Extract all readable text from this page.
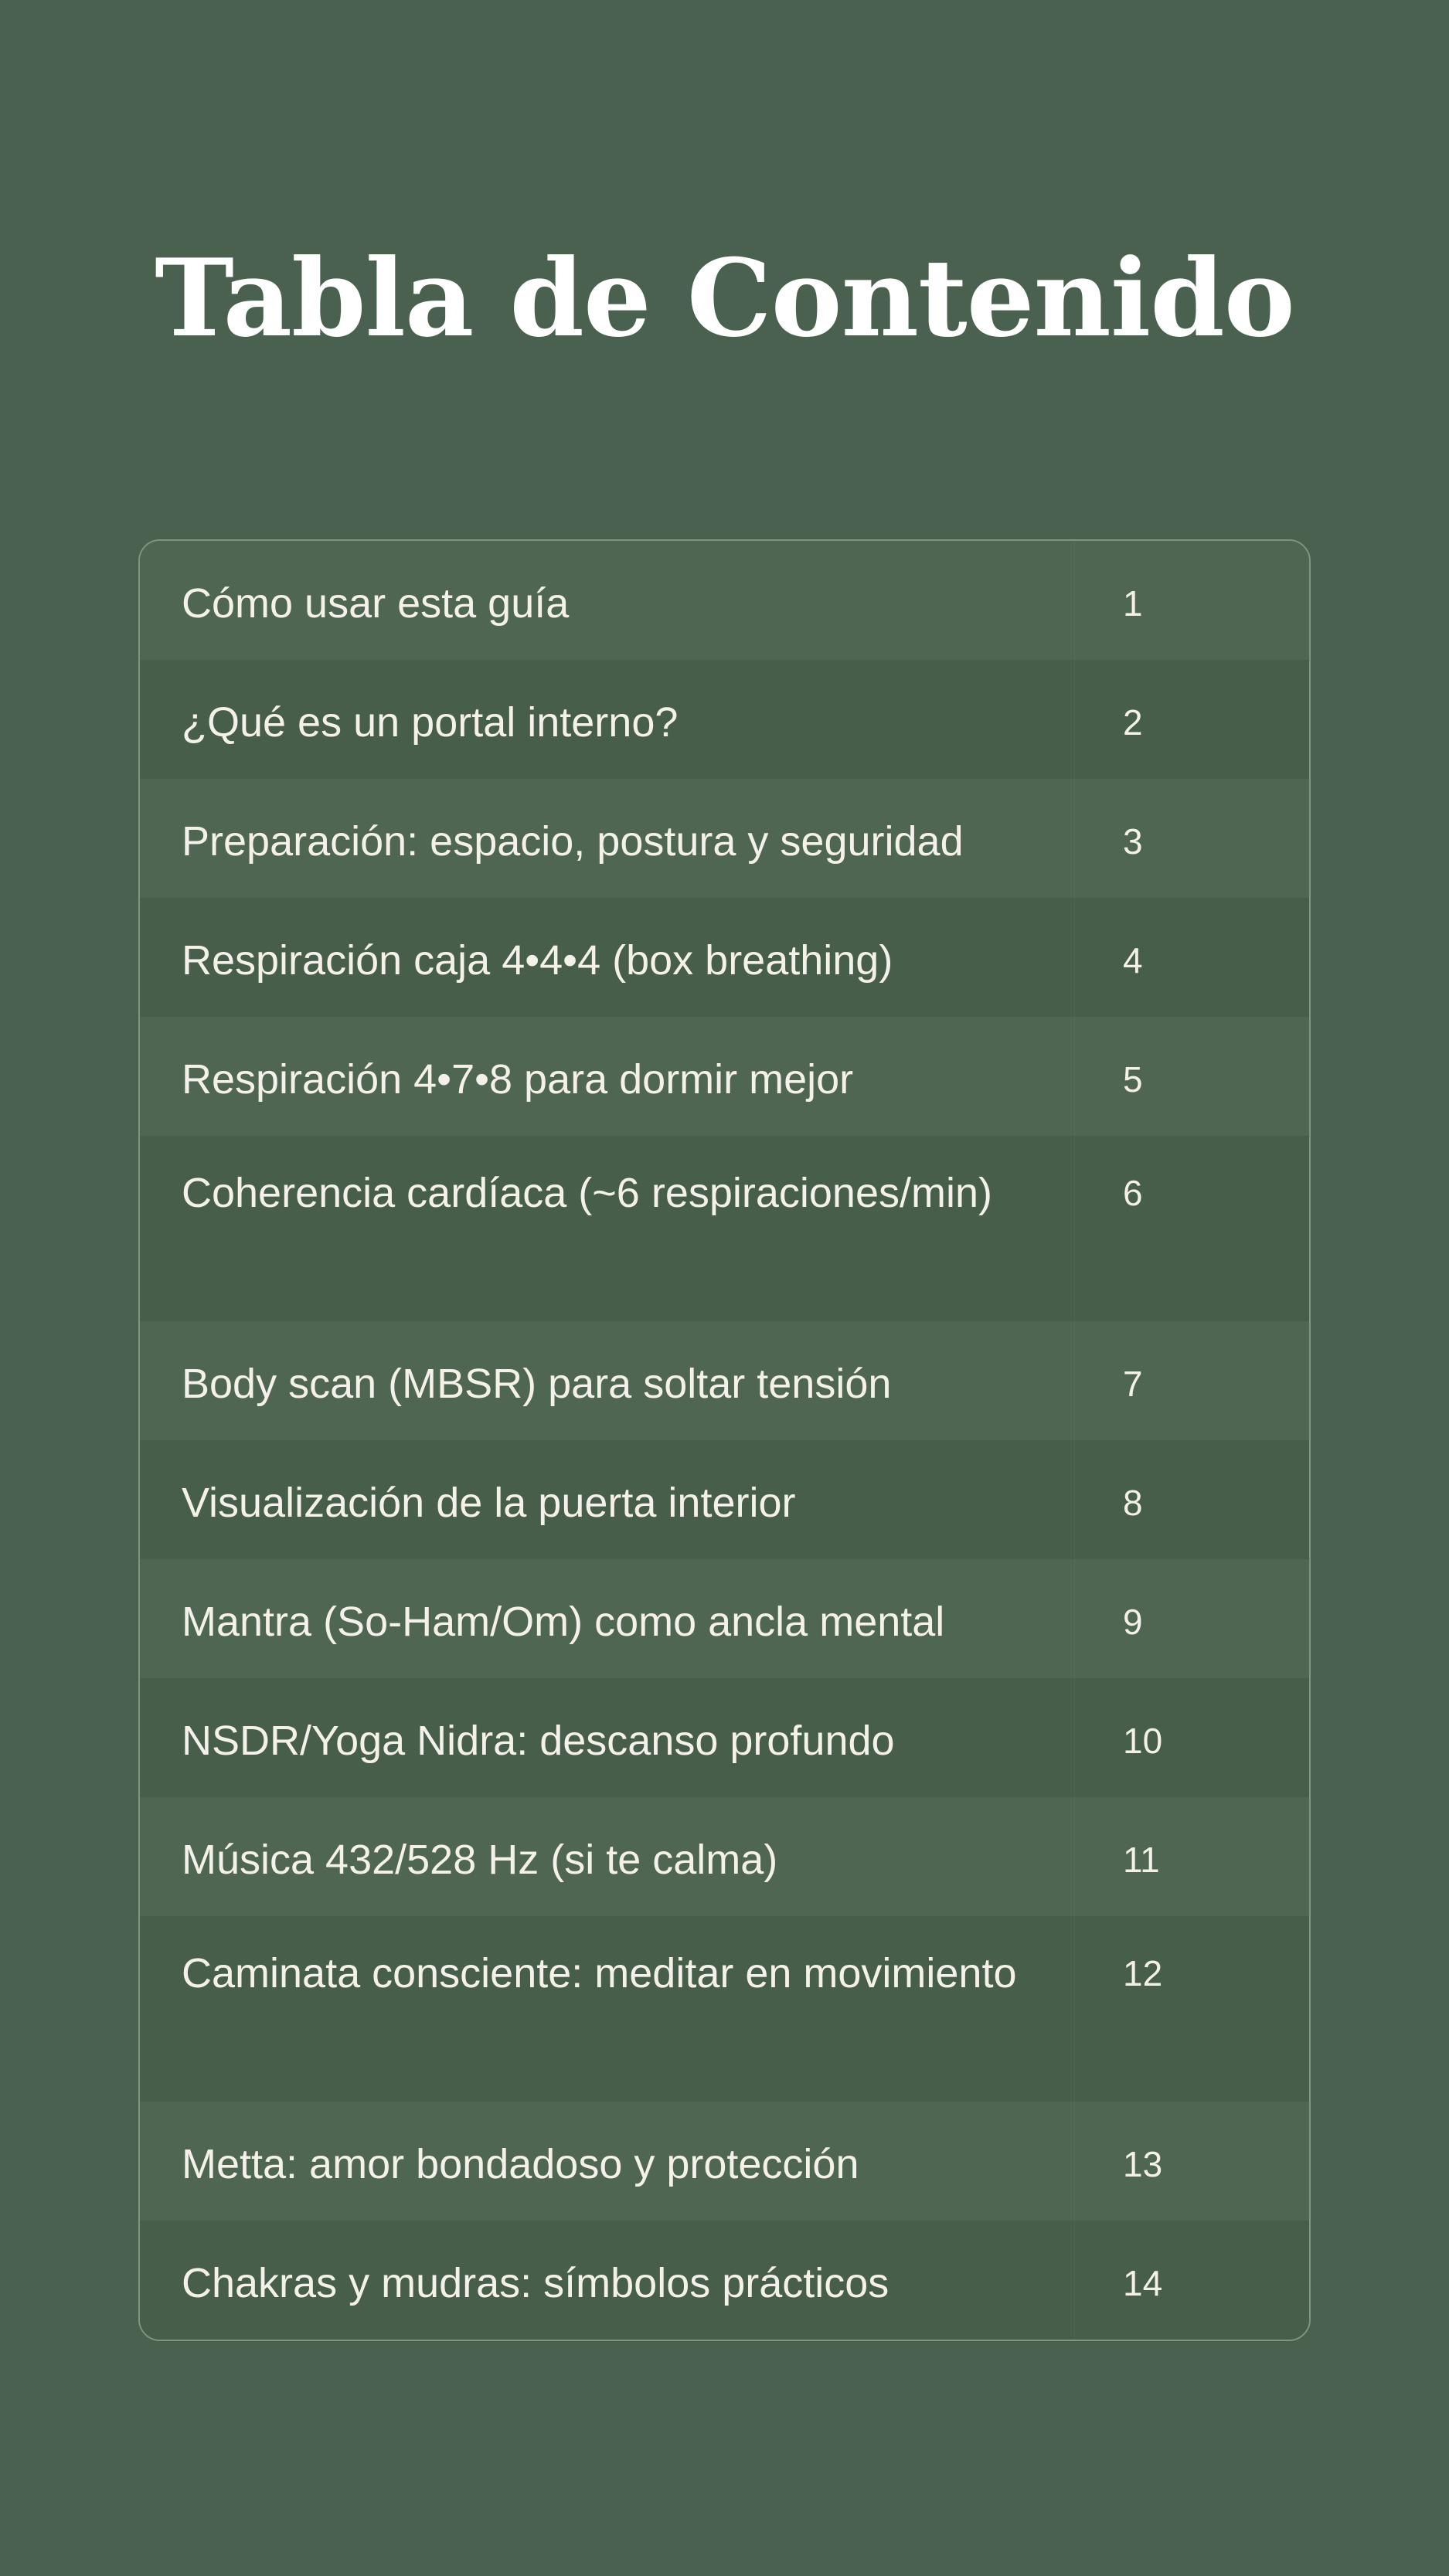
Tabla de Contenido
Cómo usar esta guía	1
¿Qué es un portal interno?	2
Preparación: espacio, postura y seguridad	3
Respiración caja 4•4•4 (box breathing)	4
Respiración 4•7•8 para dormir mejor	5
Coherencia cardíaca (~6 respiraciones/min)	6
Body scan (MBSR) para soltar tensión	7
Visualización de la puerta interior	8
Mantra (So-Ham/Om) como ancla mental	9
NSDR/Yoga Nidra: descanso profundo	10
Música 432/528 Hz (si te calma)	11
Caminata consciente: meditar en movimiento	12
Metta: amor bondadoso y protección	13
Chakras y mudras: símbolos prácticos	14
